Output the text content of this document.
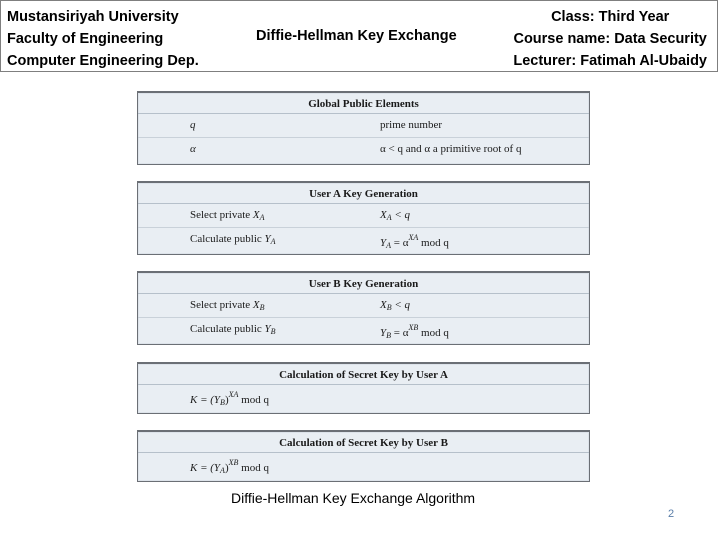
Mustansiriyah University
Faculty of Engineering
Computer Engineering Dep.
Diffie-Hellman Key Exchange
Class: Third Year
Course name: Data Security
Lecturer: Fatimah Al-Ubaidy
Global Public Elements
q	prime number
α	α < q and α a primitive root of q
User A Key Generation
Select private $X_A$	$X_A < q$
Calculate public $Y_A$	$Y_A = \alpha^{XA}$ mod q
User B Key Generation
Select private $X_B$	$X_B < q$
Calculate public $Y_B$	$Y_B = \alpha^{XB}$ mod q
Calculation of Secret Key by User A
$K = (Y_B)^{XA}$ mod q
Calculation of Secret Key by User B
$K = (Y_A)^{XB}$ mod q
Diffie-Hellman Key Exchange Algorithm
2
